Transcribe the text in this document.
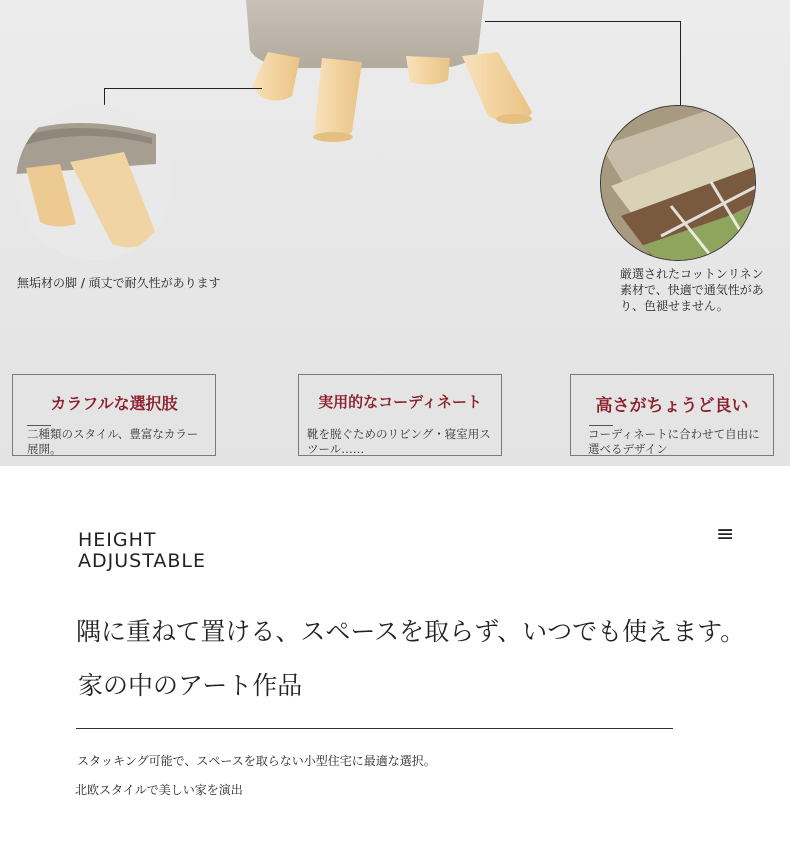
無垢材の脚 / 頑丈で耐久性があります
厳選されたコットンリネン素材で、快適で通気性があり、色褪せません。
カラフルな選択肢
二種類のスタイル、豊富なカラー展開。
実用的なコーディネート
靴を脱ぐためのリビング・寝室用スツール……
高さがちょうど良い
コーディネートに合わせて自由に選べるデザイン
HEIGHT
ADJUSTABLE
≡
隅に重ねて置ける、スペースを取らず、いつでも使えます。
家の中のアート作品
スタッキング可能で、スペースを取らない小型住宅に最適な選択。
北欧スタイルで美しい家を演出
